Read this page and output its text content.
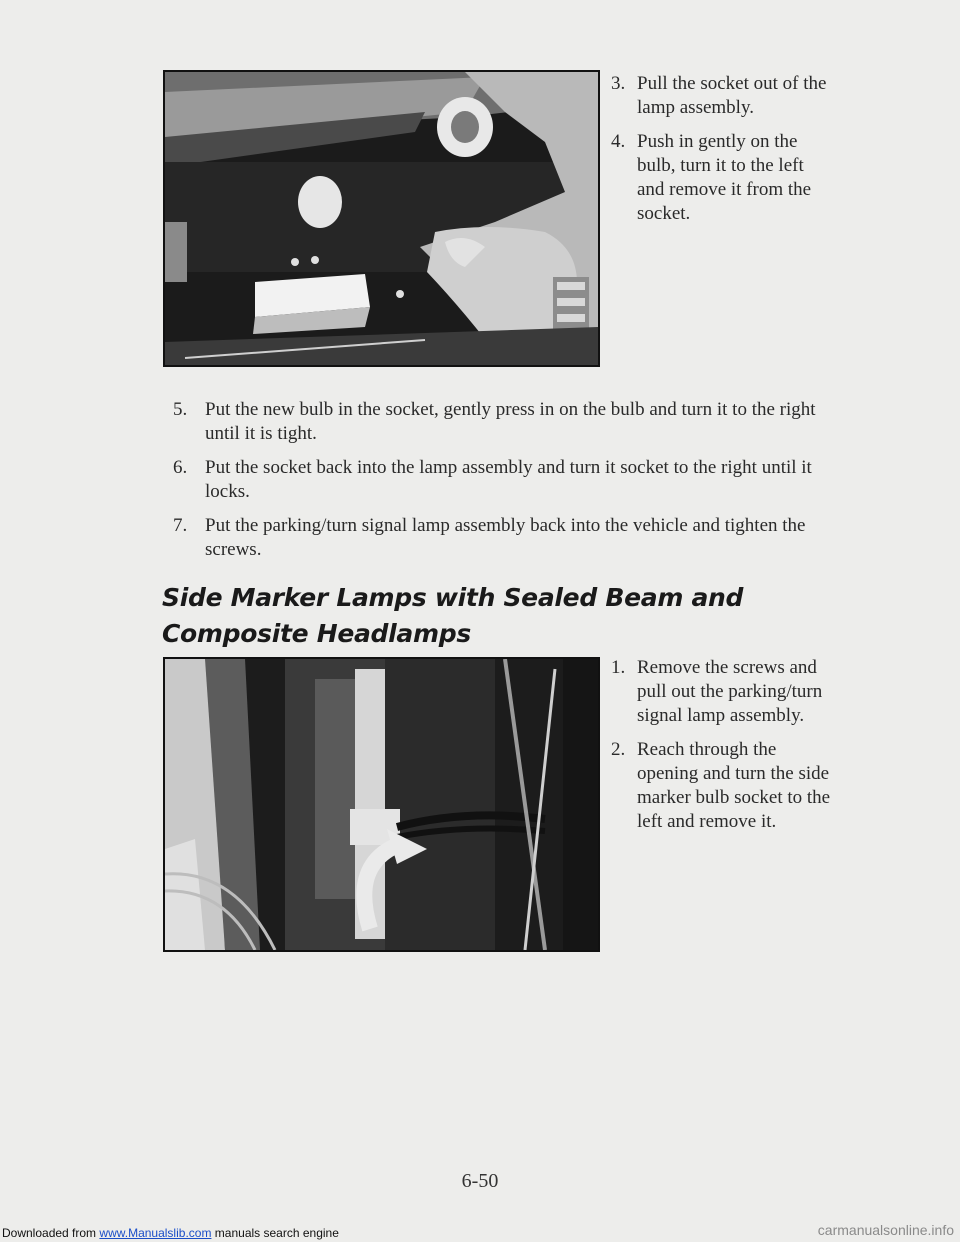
3. Pull the socket out of the lamp assembly.
4. Push in gently on the bulb, turn it to the left and remove it from the socket.
5. Put the new bulb in the socket, gently press in on the bulb and turn it to the right until it is tight.
6. Put the socket back into the lamp assembly and turn it socket to the right until it locks.
7. Put the parking/turn signal lamp assembly back into the vehicle and tighten the screws.
Side Marker Lamps with Sealed Beam and Composite Headlamps
1. Remove the screws and pull out the parking/turn signal lamp assembly.
2. Reach through the opening and turn the side marker bulb socket to the left and remove it.
6-50
Downloaded from www.Manualslib.com manuals search engine	carmanualsonline.info
